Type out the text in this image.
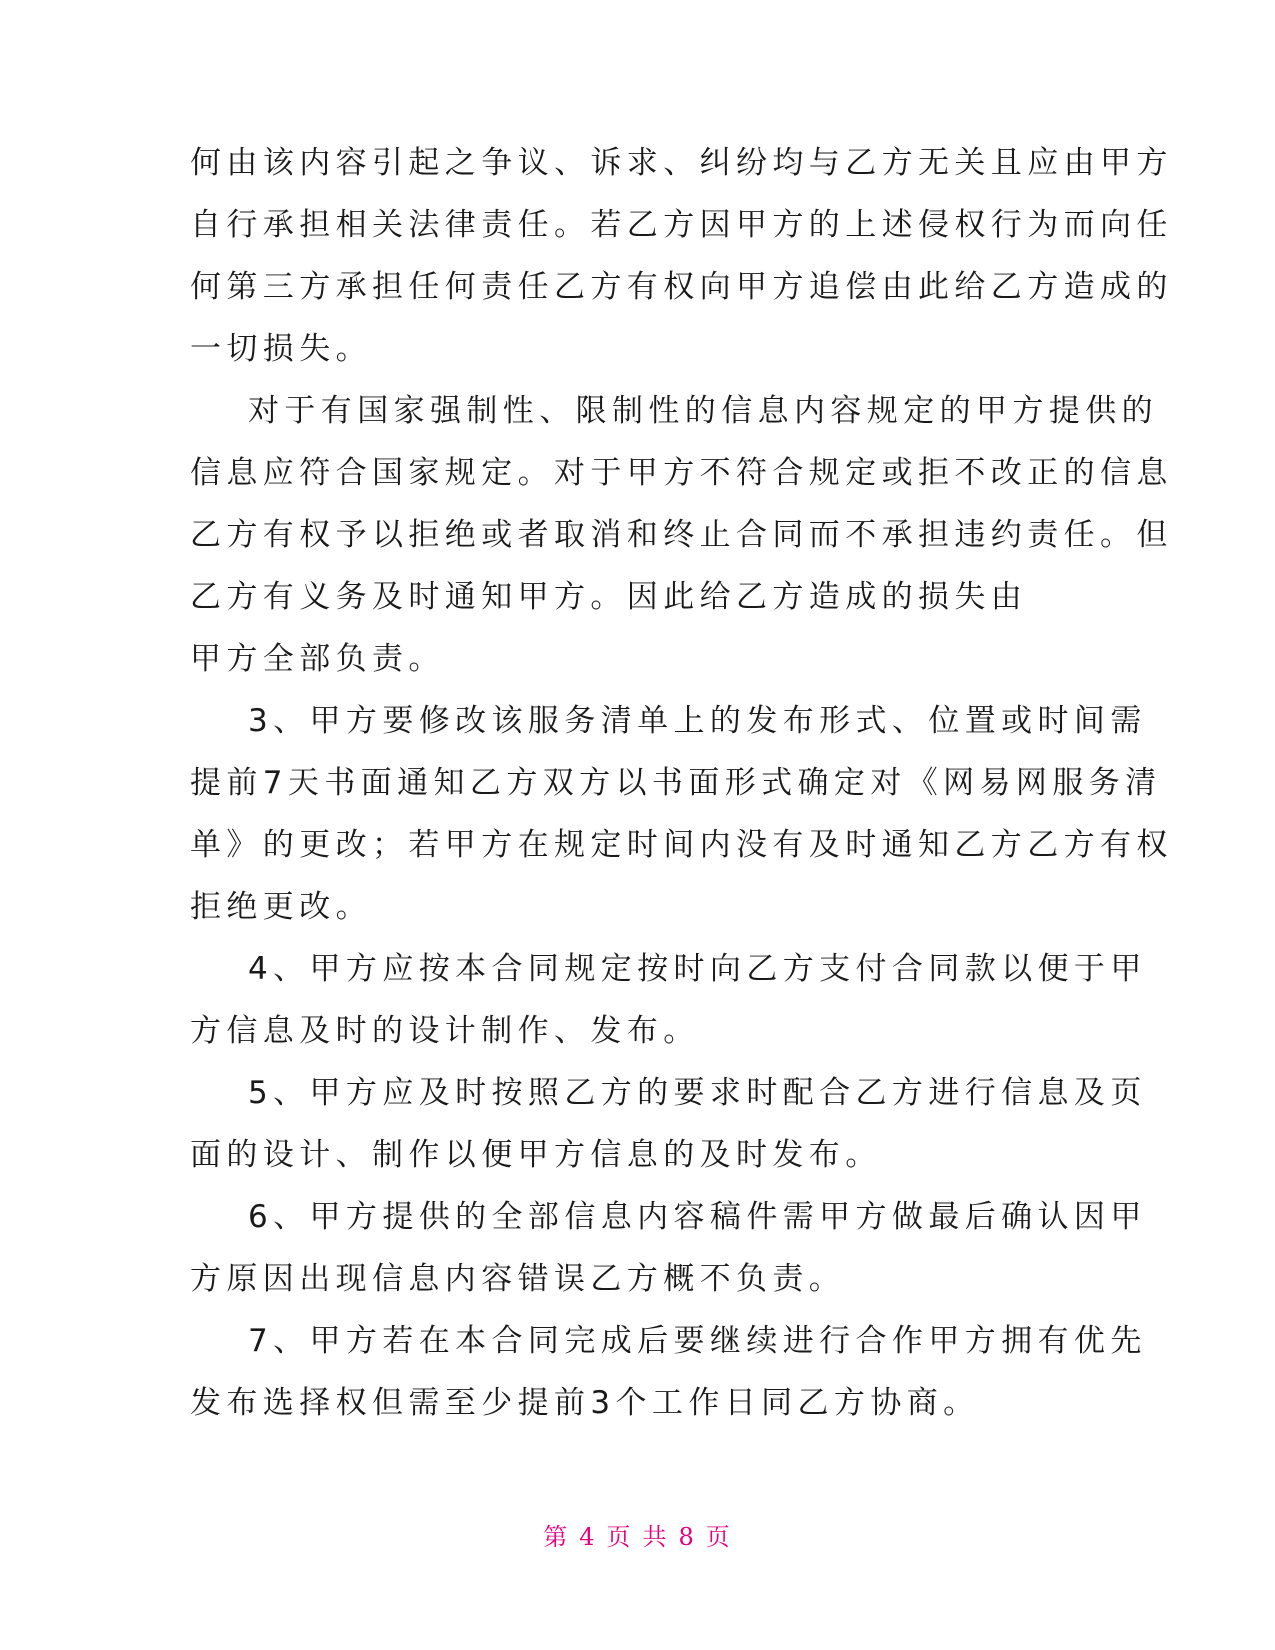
何由该内容引起之争议、诉求、纠纷均与乙方无关且应由甲方
自行承担相关法律责任。若乙方因甲方的上述侵权行为而向任
何第三方承担任何责任乙方有权向甲方追偿由此给乙方造成的
一切损失。
对于有国家强制性、限制性的信息内容规定的甲方提供的
信息应符合国家规定。对于甲方不符合规定或拒不改正的信息
乙方有权予以拒绝或者取消和终止合同而不承担违约责任。但
乙方有义务及时通知甲方。因此给乙方造成的损失由
甲方全部负责。
3、甲方要修改该服务清单上的发布形式、位置或时间需
提前7天书面通知乙方双方以书面形式确定对《网易网服务清
单》的更改；若甲方在规定时间内没有及时通知乙方乙方有权
拒绝更改。
4、甲方应按本合同规定按时向乙方支付合同款以便于甲
方信息及时的设计制作、发布。
5、甲方应及时按照乙方的要求时配合乙方进行信息及页
面的设计、制作以便甲方信息的及时发布。
6、甲方提供的全部信息内容稿件需甲方做最后确认因甲
方原因出现信息内容错误乙方概不负责。
7、甲方若在本合同完成后要继续进行合作甲方拥有优先
发布选择权但需至少提前3个工作日同乙方协商。
第 4 页 共 8 页
